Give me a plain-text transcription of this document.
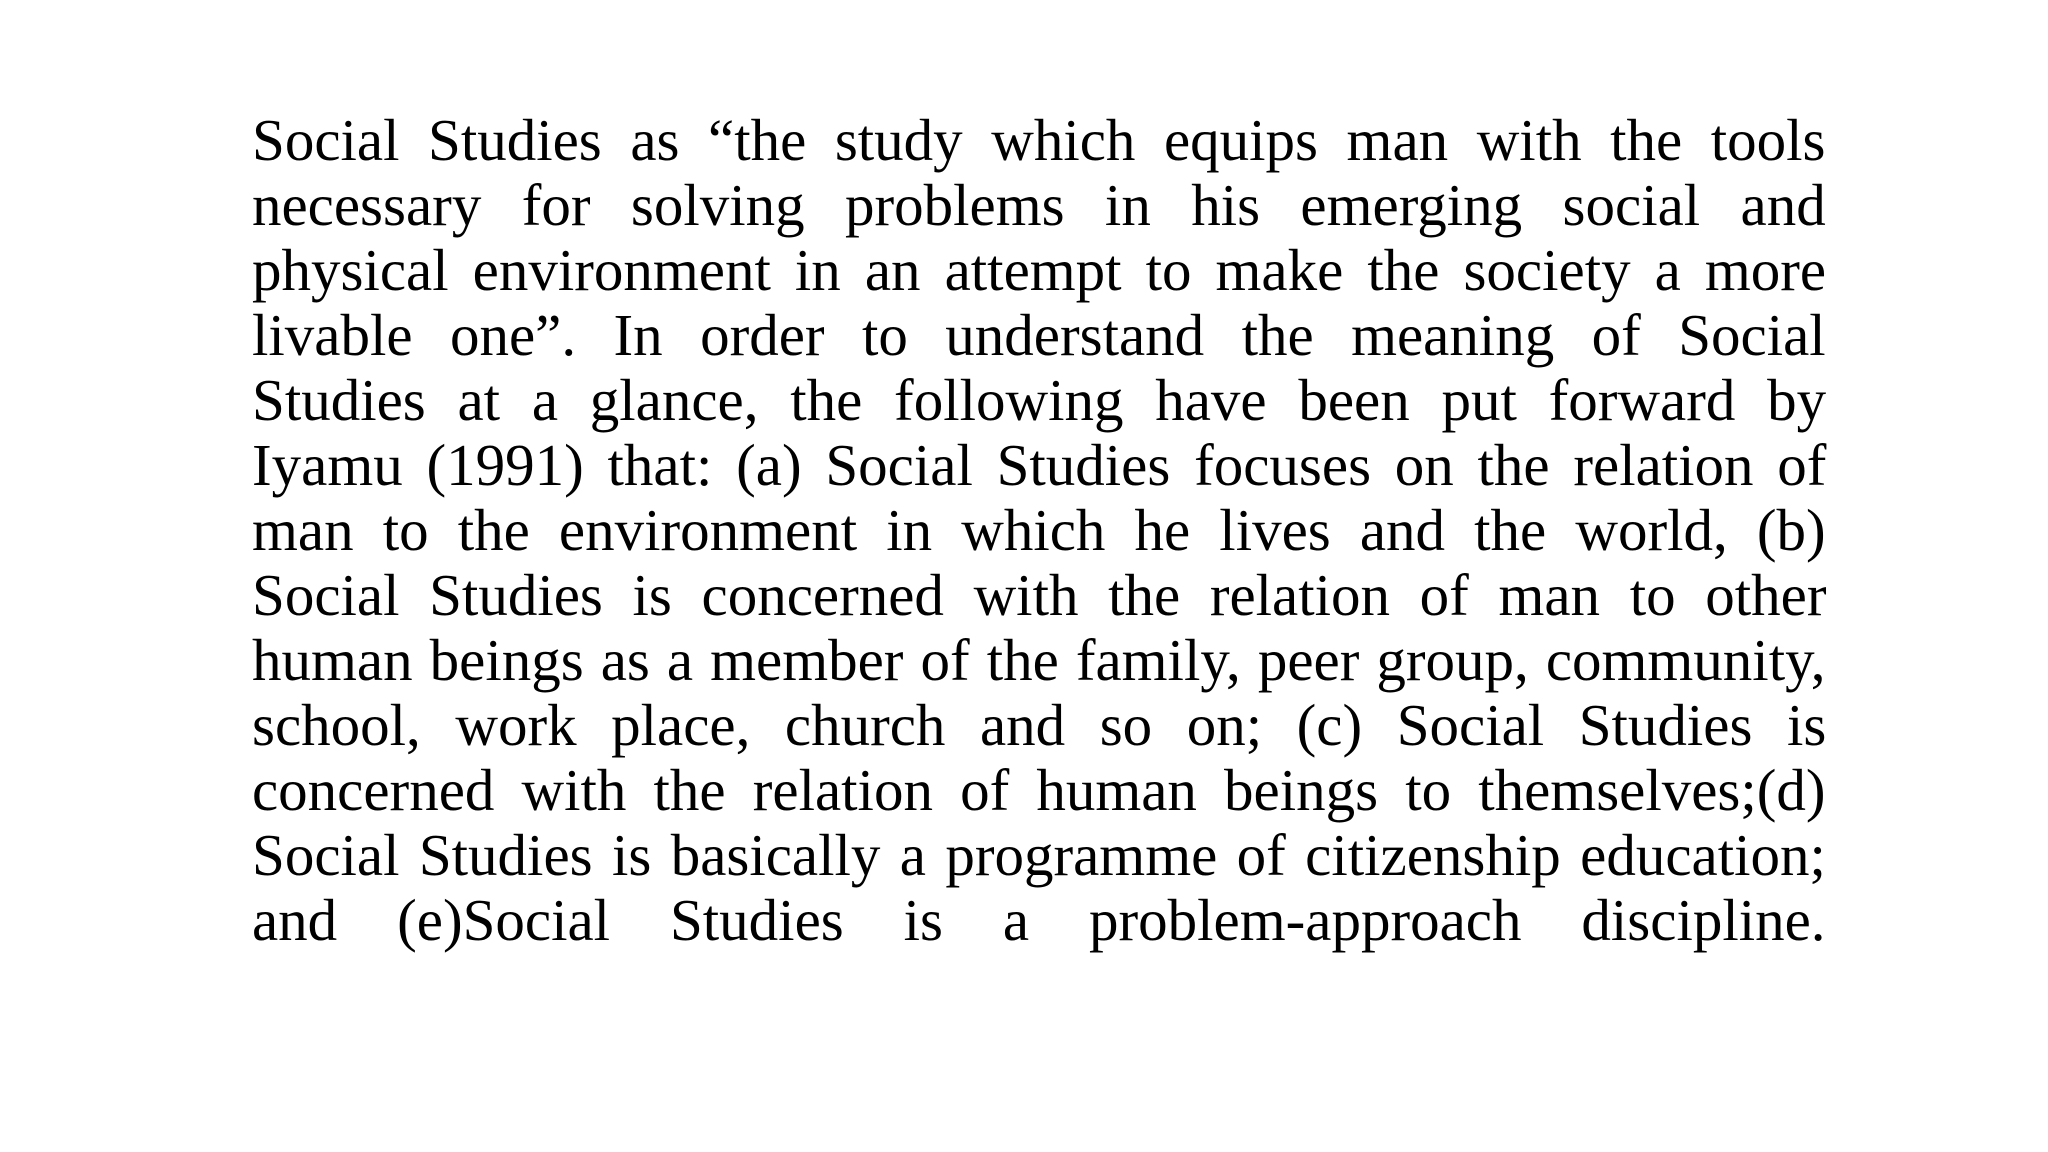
Social Studies as “the study which equips man with the tools
necessary for solving problems in his emerging social and
physical environment in an attempt to make the society a more
livable one”. In order to understand the meaning of Social
Studies at a glance, the following have been put forward by
Iyamu (1991) that: (a) Social Studies focuses on the relation of
man to the environment in which he lives and the world, (b)
Social Studies is concerned with the relation of man to other
human beings as a member of the family, peer group, community,
school, work place, church and so on; (c) Social Studies is
concerned with the relation of human beings to themselves;(d)
Social Studies is basically a programme of citizenship education;
and (e)Social Studies is a problem-approach discipline.
